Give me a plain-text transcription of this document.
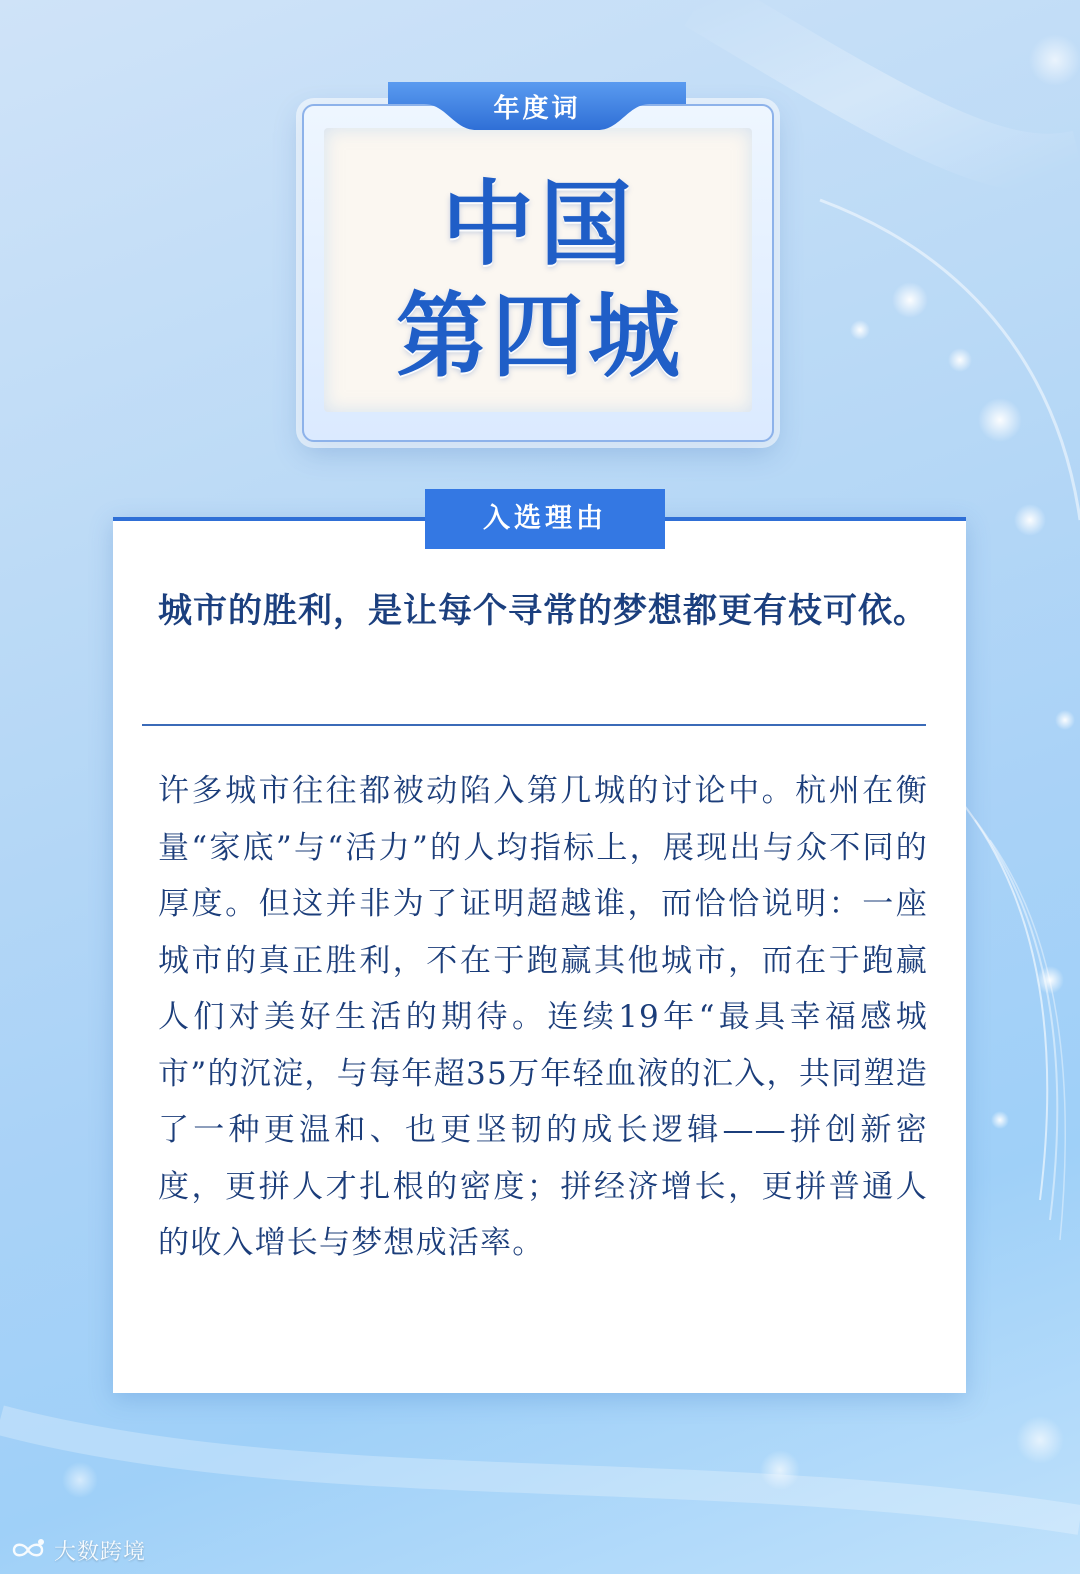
年度词
中国
第四城
入选理由

城市的胜利，是让每个寻常的梦想都更有枝可依。

许多城市往往都被动陷入第几城的讨论中。杭州在衡量“家底”与“活力”的人均指标上，展现出与众不同的厚度。但这并非为了证明超越谁，而恰恰说明：一座城市的真正胜利，不在于跑赢其他城市，而在于跑赢人们对美好生活的期待。连续19年“最具幸福感城市”的沉淀，与每年超35万年轻血液的汇入，共同塑造了一种更温和、也更坚韧的成长逻辑——拼创新密度，更拼人才扎根的密度；拼经济增长，更拼普通人的收入增长与梦想成活率。

大数跨境
